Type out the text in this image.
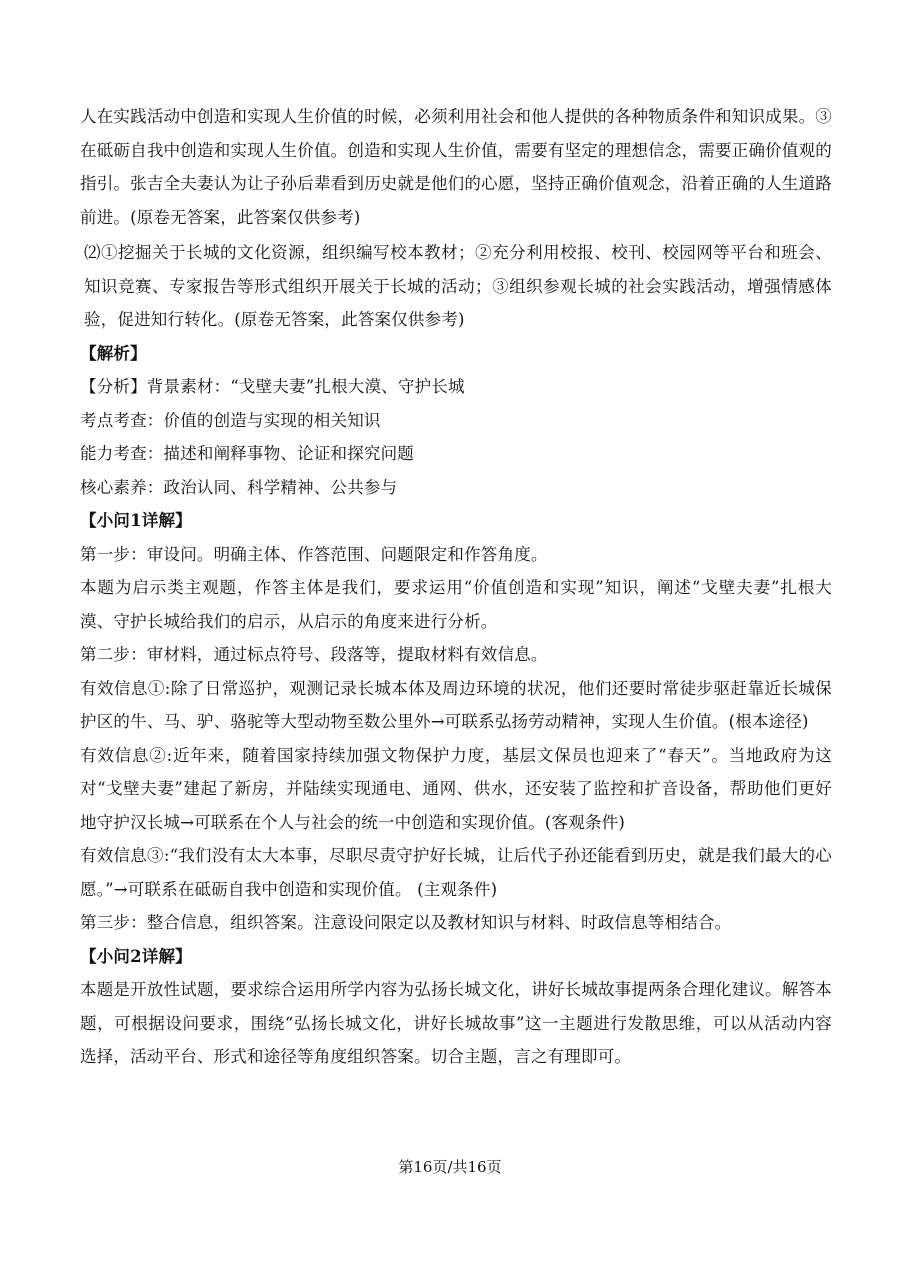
人在实践活动中创造和实现人生价值的时候，必须利用社会和他人提供的各种物质条件和知识成果。③在砥砺自我中创造和实现人生价值。创造和实现人生价值，需要有坚定的理想信念，需要正确价值观的指引。张吉全夫妻认为让子孙后辈看到历史就是他们的心愿，坚持正确价值观念，沿着正确的人生道路前进。(原卷无答案，此答案仅供参考)

⑵①挖掘关于长城的文化资源，组织编写校本教材；②充分利用校报、校刊、校园网等平台和班会、知识竞赛、专家报告等形式组织开展关于长城的活动；③组织参观长城的社会实践活动，增强情感体验，促进知行转化。(原卷无答案，此答案仅供参考)

【解析】

【分析】背景素材：“戈壁夫妻”扎根大漠、守护长城

考点考查：价值的创造与实现的相关知识

能力考查：描述和阐释事物、论证和探究问题

核心素养：政治认同、科学精神、公共参与

【小问1详解】

第一步：审设问。明确主体、作答范围、问题限定和作答角度。

本题为启示类主观题，作答主体是我们，要求运用“价值创造和实现”知识，阐述“戈壁夫妻”扎根大漠、守护长城给我们的启示，从启示的角度来进行分析。

第二步：审材料，通过标点符号、段落等，提取材料有效信息。

有效信息①:除了日常巡护，观测记录长城本体及周边环境的状况，他们还要时常徒步驱赶靠近长城保护区的牛、马、驴、骆驼等大型动物至数公里外→可联系弘扬劳动精神，实现人生价值。(根本途径)

有效信息②:近年来，随着国家持续加强文物保护力度，基层文保员也迎来了“春天”。当地政府为这对“戈壁夫妻”建起了新房，并陆续实现通电、通网、供水，还安装了监控和扩音设备，帮助他们更好地守护汉长城→可联系在个人与社会的统一中创造和实现价值。(客观条件)

有效信息③:“我们没有太大本事，尽职尽责守护好长城，让后代子孙还能看到历史，就是我们最大的心愿。”→可联系在砥砺自我中创造和实现价值。 (主观条件)

第三步：整合信息，组织答案。注意设问限定以及教材知识与材料、时政信息等相结合。

【小问2详解】

本题是开放性试题，要求综合运用所学内容为弘扬长城文化，讲好长城故事提两条合理化建议。解答本题，可根据设问要求，围绕“弘扬长城文化，讲好长城故事”这一主题进行发散思维，可以从活动内容选择，活动平台、形式和途径等角度组织答案。切合主题，言之有理即可。

第16页/共16页
